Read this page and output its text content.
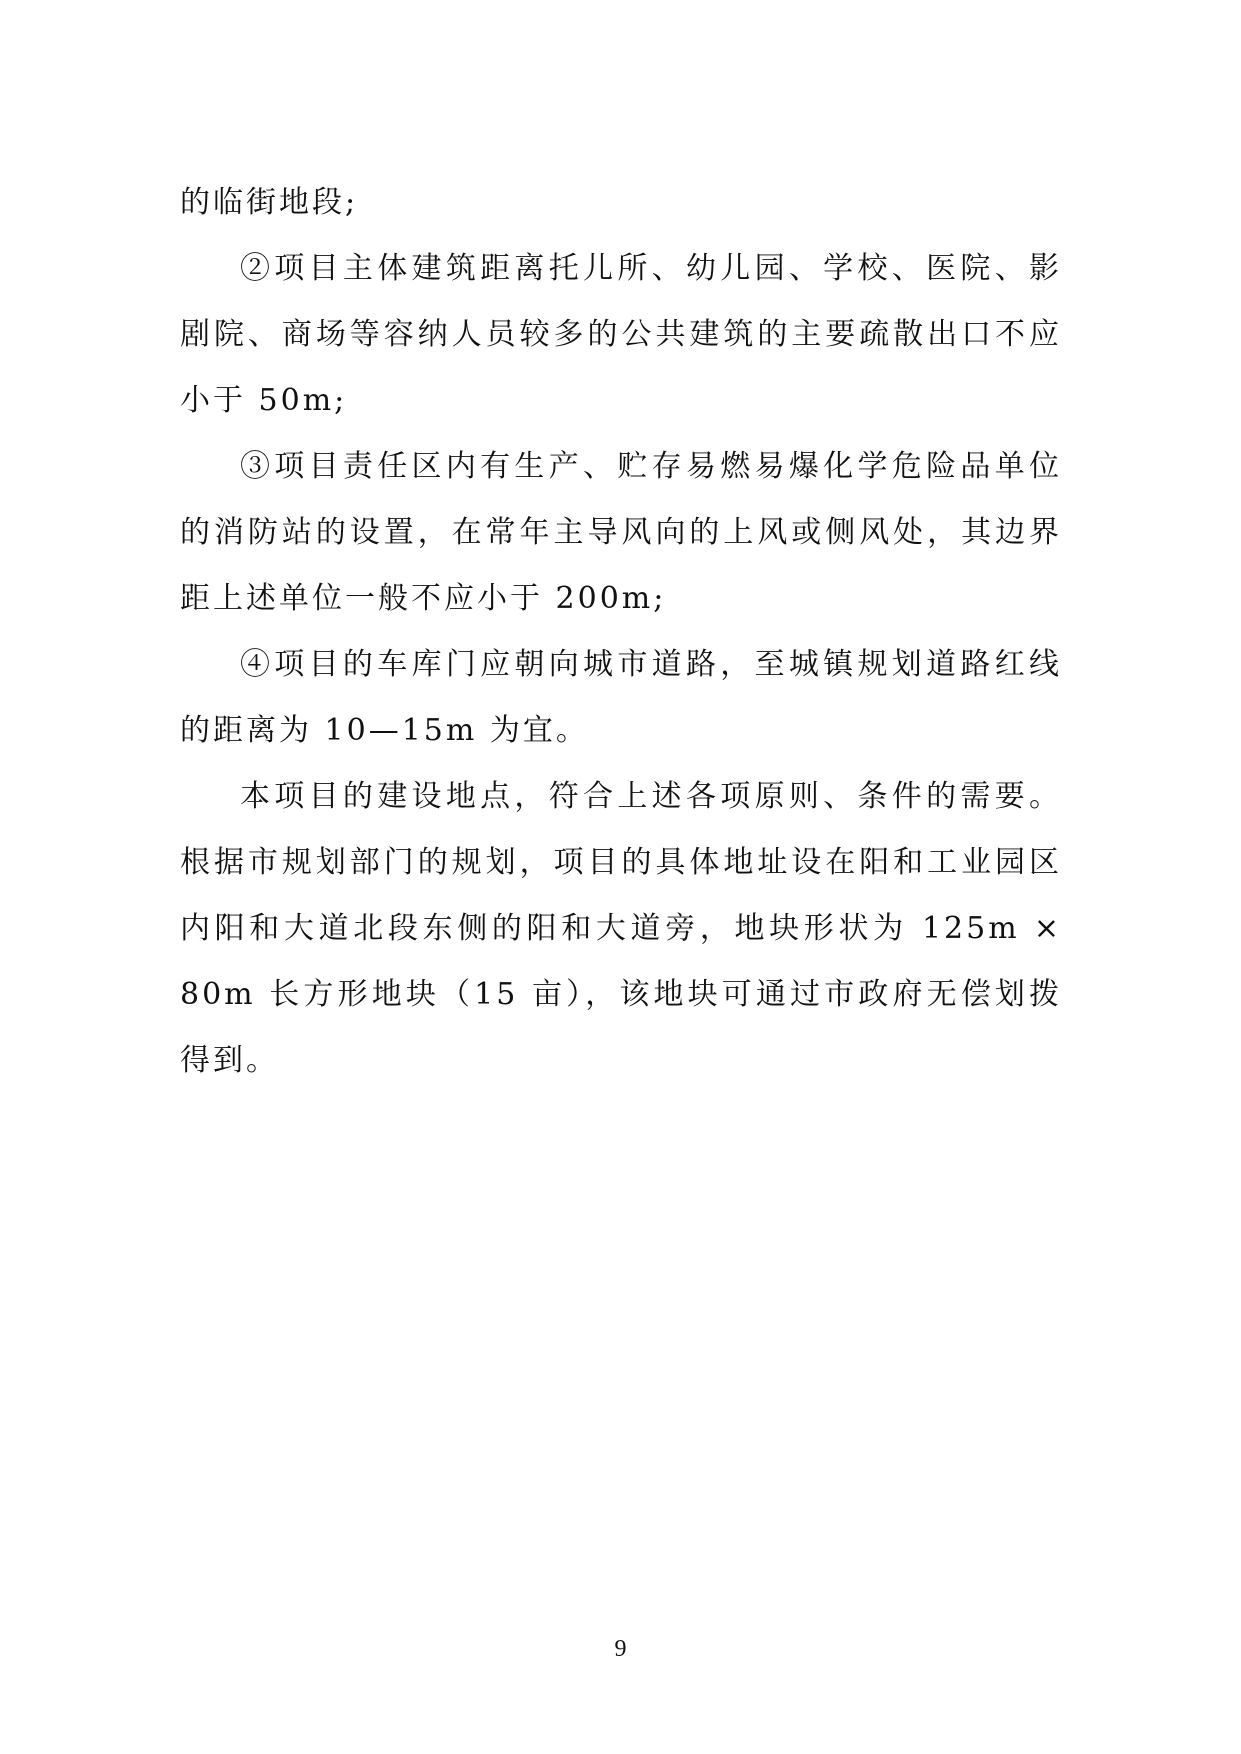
的临街地段;

②项目主体建筑距离托儿所、幼儿园、学校、医院、影剧院、商场等容纳人员较多的公共建筑的主要疏散出口不应小于 50m;

③项目责任区内有生产、贮存易燃易爆化学危险品单位的消防站的设置，在常年主导风向的上风或侧风处，其边界距上述单位一般不应小于 200m;

④项目的车库门应朝向城市道路，至城镇规划道路红线的距离为 10—15m 为宜。

本项目的建设地点，符合上述各项原则、条件的需要。根据市规划部门的规划，项目的具体地址设在阳和工业园区内阳和大道北段东侧的阳和大道旁，地块形状为 125m × 80m 长方形地块（15 亩），该地块可通过市政府无偿划拨得到。

9
